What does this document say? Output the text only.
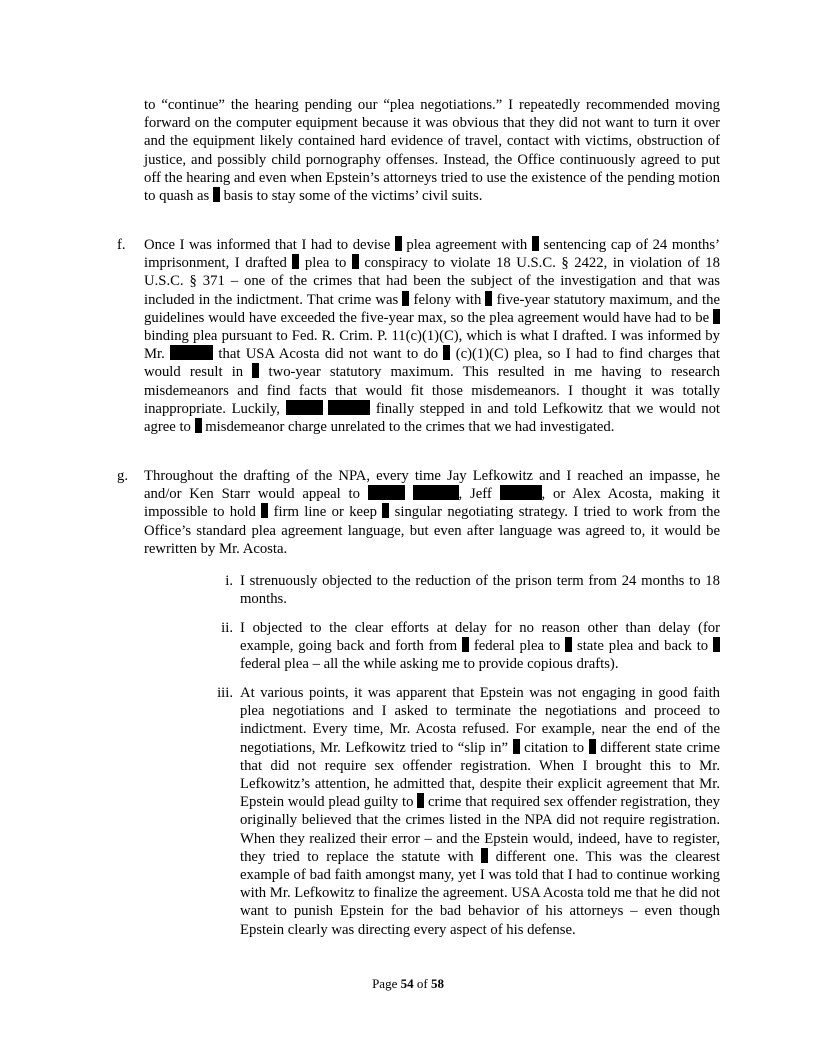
to “continue” the hearing pending our “plea negotiations.” I repeatedly recommended moving forward on the computer equipment because it was obvious that they did not want to turn it over and the equipment likely contained hard evidence of travel, contact with victims, obstruction of justice, and possibly child pornography offenses. Instead, the Office continuously agreed to put off the hearing and even when Epstein’s attorneys tried to use the existence of the pending motion to quash as  basis to stay some of the victims’ civil suits.

f. Once I was informed that I had to devise  plea agreement with  sentencing cap of 24 months’ imprisonment, I drafted  plea to  conspiracy to violate 18 U.S.C. § 2422, in violation of 18 U.S.C. § 371 – one of the crimes that had been the subject of the investigation and that was included in the indictment. That crime was  felony with  five-year statutory maximum, and the guidelines would have exceeded the five-year max, so the plea agreement would have had to be  binding plea pursuant to Fed. R. Crim. P. 11(c)(1)(C), which is what I drafted. I was informed by Mr.	that USA Acosta did not want to do  (c)(1)(C) plea, so I had to find charges that would result in  two-year statutory maximum. This resulted in me having to research misdemeanors and find facts that would fit those misdemeanors. I thought it was totally inappropriate. Luckily,	finally stepped in and told Lefkowitz that we would not agree to  misdemeanor charge unrelated to the crimes that we had investigated.
g. Throughout the drafting of the NPA, every time Jay Lefkowitz and I reached an impasse, he and/or Ken Starr would appeal to	, Jeff	, or Alex Acosta, making it impossible to hold  firm line or keep  singular negotiating strategy. I tried to work from the Office’s standard plea agreement language, but even after language was agreed to, it would be rewritten by Mr. Acosta.
i. I strenuously objected to the reduction of the prison term from 24 months to 18 months.
ii. I objected to the clear efforts at delay for no reason other than delay (for example, going back and forth from  federal plea to  state plea and back to  federal plea – all the while asking me to provide copious drafts).
iii. At various points, it was apparent that Epstein was not engaging in good faith plea negotiations and I asked to terminate the negotiations and proceed to indictment. Every time, Mr. Acosta refused. For example, near the end of the negotiations, Mr. Lefkowitz tried to “slip in”  citation to  different state crime that did not require sex offender registration. When I brought this to Mr. Lefkowitz’s attention, he admitted that, despite their explicit agreement that Mr. Epstein would plead guilty to  crime that required sex offender registration, they originally believed that the crimes listed in the NPA did not require registration. When they realized their error – and the Epstein would, indeed, have to register, they tried to replace the statute with  different one. This was the clearest example of bad faith amongst many, yet I was told that I had to continue working with Mr. Lefkowitz to finalize the agreement. USA Acosta told me that he did not want to punish Epstein for the bad behavior of his attorneys – even though Epstein clearly was directing every aspect of his defense.
Page 54 of 58
